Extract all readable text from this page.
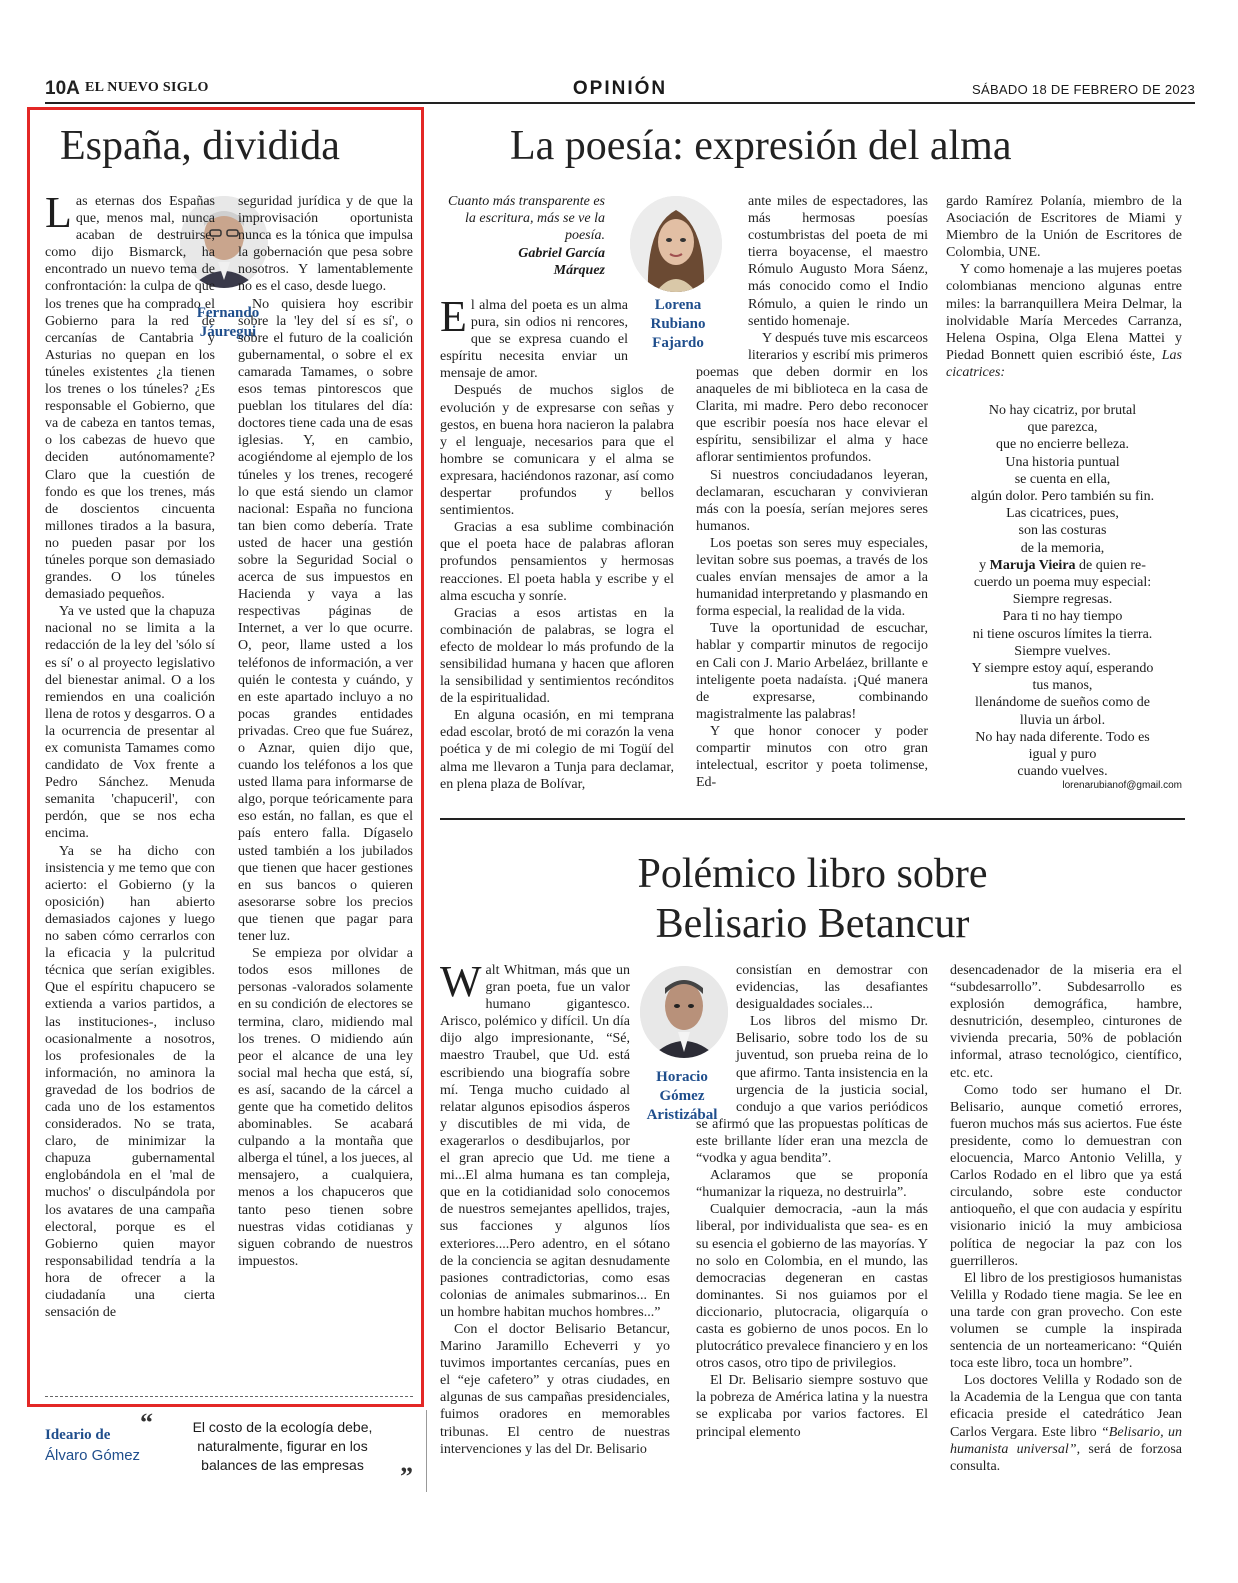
10A EL NUEVO SIGLO	OPINIÓN	SÁBADO 18 DE FEBRERO DE 2023
España, dividida
Fernando
Jáuregui

Las eternas dos Españas que, menos mal, nunca acaban de destruirse, como dijo Bismarck, ha encontrado un nuevo tema de confrontación: la culpa de que los trenes que ha comprado el Gobierno para la red de cercanías de Cantabria y Asturias no quepan en los túneles existentes ¿la tienen los trenes o los túneles? ¿Es responsable el Gobierno, que va de cabeza en tantos temas, o los cabezas de huevo que deciden autónomamente? Claro que la cuestión de fondo es que los trenes, más de doscientos cincuenta millones tirados a la basura, no pueden pasar por los túneles porque son demasiado grandes. O los túneles demasiado pequeños.

Ya ve usted que la chapuza nacional no se limita a la redacción de la ley del 'sólo sí es sí' o al proyecto legislativo del bienestar animal. O a los remiendos en una coalición llena de rotos y desgarros. O a la ocurrencia de presentar al ex comunista Tamames como candidato de Vox frente a Pedro Sánchez. Menuda semanita 'chapuceril', con perdón, que se nos echa encima.

Ya se ha dicho con insistencia y me temo que con acierto: el Gobierno (y la oposición) han abierto demasiados cajones y luego no saben cómo cerrarlos con la eficacia y la pulcritud técnica que serían exigibles. Que el espíritu chapucero se extienda a varios partidos, a las instituciones-, incluso ocasionalmente a nosotros, los profesionales de la información, no aminora la gravedad de los bodrios de cada uno de los estamentos considerados. No se trata, claro, de minimizar la chapuza gubernamental englobándola en el 'mal de muchos' o disculpándola por los avatares de una campaña electoral, porque es el Gobierno quien mayor responsabilidad tendría a la hora de ofrecer a la ciudadanía una cierta sensación de

seguridad jurídica y de que la improvisación oportunista nunca es la tónica que impulsa la gobernación que pesa sobre nosotros. Y lamentablemente no es el caso, desde luego.

No quisiera hoy escribir sobre la 'ley del sí es sí', o sobre el futuro de la coalición gubernamental, o sobre el ex camarada Tamames, o sobre esos temas pintorescos que pueblan los titulares del día: doctores tiene cada una de esas iglesias. Y, en cambio, acogiéndome al ejemplo de los túneles y los trenes, recogeré lo que está siendo un clamor nacional: España no funciona tan bien como debería. Trate usted de hacer una gestión sobre la Seguridad Social o acerca de sus impuestos en Hacienda y vaya a las respectivas páginas de Internet, a ver lo que ocurre. O, peor, llame usted a los teléfonos de información, a ver quién le contesta y cuándo, y en este apartado incluyo a no pocas grandes entidades privadas. Creo que fue Suárez, o Aznar, quien dijo que, cuando los teléfonos a los que usted llama para informarse de algo, porque teóricamente para eso están, no fallan, es que el país entero falla. Dígaselo usted también a los jubilados que tienen que hacer gestiones en sus bancos o quieren asesorarse sobre los precios que tienen que pagar para tener luz.

Se empieza por olvidar a todos esos millones de personas -valorados solamente en su condición de electores se termina, claro, midiendo mal los trenes. O midiendo aún peor el alcance de una ley social mal hecha que está, sí, es así, sacando de la cárcel a gente que ha cometido delitos abominables. Se acabará culpando a la montaña que alberga el túnel, a los jueces, al mensajero, a cualquiera, menos a los chapuceros que tanto peso tienen sobre nuestras vidas cotidianas y siguen cobrando de nuestros impuestos.

La poesía: expresión del alma
Cuanto más transparente es la escritura, más se ve la poesía.
Gabriel García
Márquez
Lorena
Rubiano
Fajardo

El alma del poeta es un alma pura, sin odios ni rencores, que se expresa cuando el espíritu necesita enviar un mensaje de amor.

Después de muchos siglos de evolución y de expresarse con señas y gestos, en buena hora nacieron la palabra y el lenguaje, necesarios para que el hombre se comunicara y el alma se expresara, haciéndonos razonar, así como despertar profundos y bellos sentimientos.

Gracias a esa sublime combinación que el poeta hace de palabras afloran profundos pensamientos y hermosas reacciones. El poeta habla y escribe y el alma escucha y sonríe.

Gracias a esos artistas en la combinación de palabras, se logra el efecto de moldear lo más profundo de la sensibilidad humana y hacen que afloren la sensibilidad y sentimientos recónditos de la espiritualidad.

En alguna ocasión, en mi temprana edad escolar, brotó de mi corazón la vena poética y de mi colegio de mi Togüí del alma me llevaron a Tunja para declamar, en plena plaza de Bolívar,

ante miles de espectadores, las más hermosas poesías costumbristas del poeta de mi tierra boyacense, el maestro Rómulo Augusto Mora Sáenz, más conocido como el Indio Rómulo, a quien le rindo un sentido homenaje.

Y después tuve mis escarceos literarios y escribí mis primeros poemas que deben dormir en los anaqueles de mi biblioteca en la casa de Clarita, mi madre. Pero debo reconocer que escribir poesía nos hace elevar el espíritu, sensibilizar el alma y hace aflorar sentimientos profundos.

Si nuestros conciudadanos leyeran, declamaran, escucharan y convivieran más con la poesía, serían mejores seres humanos.

Los poetas son seres muy especiales, levitan sobre sus poemas, a través de los cuales envían mensajes de amor a la humanidad interpretando y plasmando en forma especial, la realidad de la vida.

Tuve la oportunidad de escuchar, hablar y compartir minutos de regocijo en Cali con J. Mario Arbeláez, brillante e inteligente poeta nadaísta. ¡Qué manera de expresarse, combinando magistralmente las palabras!

Y que honor conocer y poder compartir minutos con otro gran intelectual, escritor y poeta tolimense, Ed-

gardo Ramírez Polanía, miembro de la Asociación de Escritores de Miami y Miembro de la Unión de Escritores de Colombia, UNE.

Y como homenaje a las mujeres poetas colombianas menciono algunas entre miles: la barranquillera Meira Delmar, la inolvidable María Mercedes Carranza, Helena Ospina, Olga Elena Mattei y Piedad Bonnett quien escribió éste, Las cicatrices:

No hay cicatriz, por brutal
que parezca,
que no encierre belleza.
Una historia puntual
se cuenta en ella,
algún dolor. Pero también su fin.
Las cicatrices, pues,
son las costuras
de la memoria,
y Maruja Vieira de quien re-
cuerdo un poema muy especial:
Siempre regresas.
Para ti no hay tiempo
ni tiene oscuros límites la tierra.
Siempre vuelves.
Y siempre estoy aquí, esperando
tus manos,
llenándome de sueños como de
lluvia un árbol.
No hay nada diferente. Todo es
igual y puro
cuando vuelves.
lorenarubianof@gmail.com
Polémico libro sobre
Belisario Betancur
Horacio
Gómez
Aristizábal

Walt Whitman, más que un gran poeta, fue un valor humano gigantesco. Arisco, polémico y difícil. Un día dijo algo impresionante, “Sé, maestro Traubel, que Ud. está escribiendo una biografía sobre mí. Tenga mucho cuidado al relatar algunos episodios ásperos y discutibles de mi vida, de exagerarlos o desdibujarlos, por el gran aprecio que Ud. me tiene a mi...El alma humana es tan compleja, que en la cotidianidad solo conocemos de nuestros semejantes apellidos, trajes, sus facciones y algunos líos exteriores....Pero adentro, en el sótano de la conciencia se agitan desnudamente pasiones contradictorias, como esas colonias de animales submarinos... En un hombre habitan muchos hombres...”

Con el doctor Belisario Betancur, Marino Jaramillo Echeverri y yo tuvimos importantes cercanías, pues en el “eje cafetero” y otras ciudades, en algunas de sus campañas presidenciales, fuimos oradores en memorables tribunas. El centro de nuestras intervenciones y las del Dr. Belisario

consistían en demostrar con evidencias, las desafiantes desigualdades sociales...

Los libros del mismo Dr. Belisario, sobre todo los de su juventud, son prueba reina de lo que afirmo. Tanta insistencia en la urgencia de la justicia social, condujo a que varios periódicos se afirmó que las propuestas políticas de este brillante líder eran una mezcla de “vodka y agua bendita”.

Aclaramos que se proponía “humanizar la riqueza, no destruirla”.

Cualquier democracia, -aun la más liberal, por individualista que sea- es en su esencia el gobierno de las mayorías. Y no solo en Colombia, en el mundo, las democracias degeneran en castas dominantes. Si nos guiamos por el diccionario, plutocracia, oligarquía o casta es gobierno de unos pocos. En lo plutocrático prevalece financiero y en los otros casos, otro tipo de privilegios.

El Dr. Belisario siempre sostuvo que la pobreza de América latina y la nuestra se explicaba por varios factores. El principal elemento

desencadenador de la miseria era el “subdesarrollo”. Subdesarrollo es explosión demográfica, hambre, desnutrición, desempleo, cinturones de vivienda precaria, 50% de población informal, atraso tecnológico, científico, etc. etc.

Como todo ser humano el Dr. Belisario, aunque cometió errores, fueron muchos más sus aciertos. Fue éste presidente, como lo demuestran con elocuencia, Marco Antonio Velilla, y Carlos Rodado en el libro que ya está circulando, sobre este conductor antioqueño, el que con audacia y espíritu visionario inició la muy ambiciosa política de negociar la paz con los guerrilleros.

El libro de los prestigiosos humanistas Velilla y Rodado tiene magia. Se lee en una tarde con gran provecho. Con este volumen se cumple la inspirada sentencia de un norteamericano: “Quién toca este libro, toca un hombre”.

Los doctores Velilla y Rodado son de la Academia de la Lengua que con tanta eficacia preside el catedrático Jean Carlos Vergara. Este libro “Belisario, un humanista universal”, será de forzosa consulta.

Ideario de
Álvaro Gómez
“	El costo de la ecología debe, naturalmente, figurar en los balances de las empresas	”
